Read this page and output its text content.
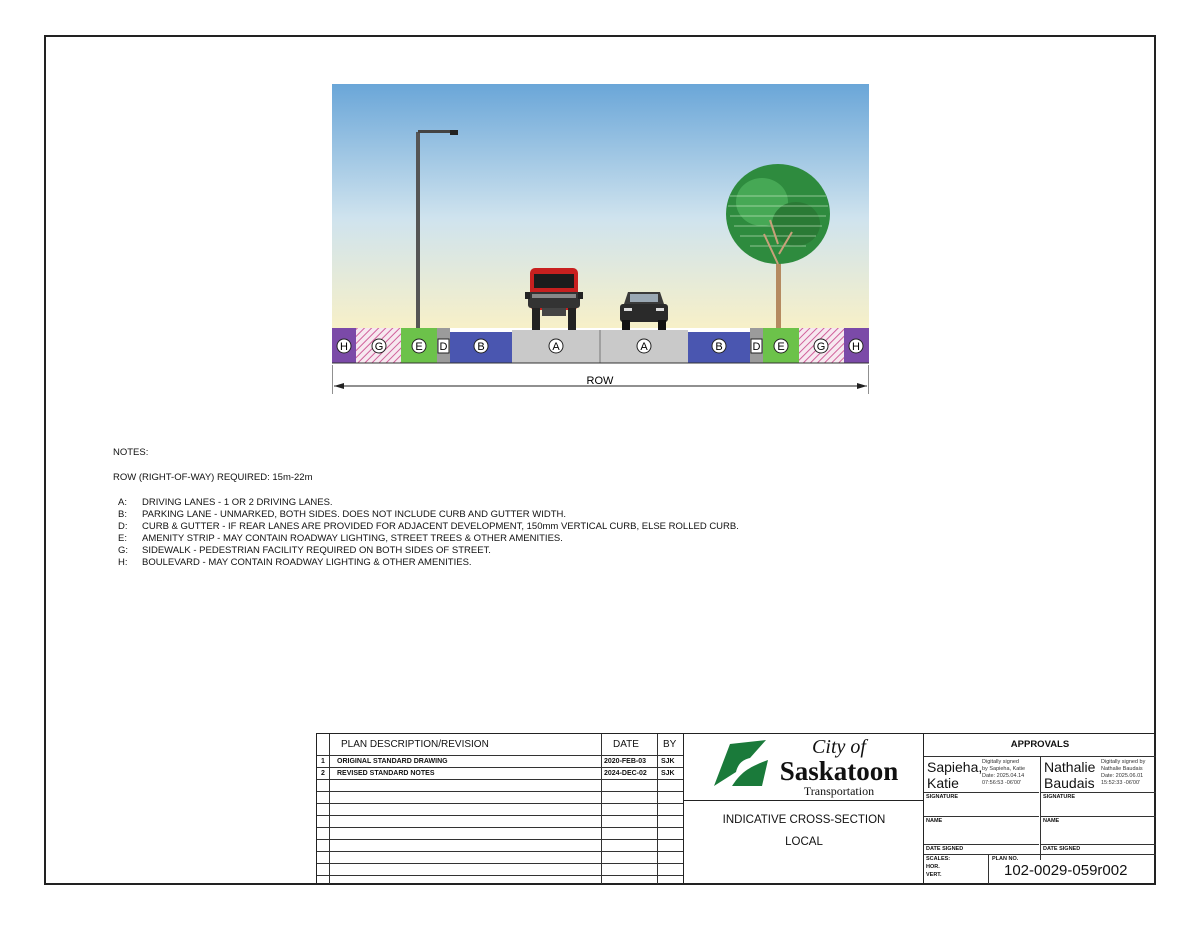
H G	E D	B	A	A	B	D E	G H
ROW
NOTES:
ROW (RIGHT-OF-WAY) REQUIRED: 15m-22m
A: DRIVING LANES - 1 OR 2 DRIVING LANES.
B: PARKING LANE - UNMARKED, BOTH SIDES. DOES NOT INCLUDE CURB AND GUTTER WIDTH.
D: CURB & GUTTER - IF REAR LANES ARE PROVIDED FOR ADJACENT DEVELOPMENT, 150mm VERTICAL CURB, ELSE ROLLED CURB.
E: AMENITY STRIP - MAY CONTAIN ROADWAY LIGHTING, STREET TREES & OTHER AMENITIES.
G: SIDEWALK - PEDESTRIAN FACILITY REQUIRED ON BOTH SIDES OF STREET.
H: BOULEVARD - MAY CONTAIN ROADWAY LIGHTING & OTHER AMENITIES.
PLAN DESCRIPTION/REVISION	DATE BY
1 ORIGINAL STANDARD DRAWING	2020-FEB-03 SJK
2 REVISED STANDARD NOTES	2024-DEC-02 SJK
City of
Saskatoon
Transportation
INDICATIVE CROSS-SECTION
LOCAL
APPROVALS
Sapieha,
Katie
Digitally signed
by Sapieha, Katie
Date: 2025.04.14
07:56:53 -06'00'
SIGNATURE
NAME
DATE SIGNED
Nathalie
Baudais
Digitally signed by
Nathalie Baudais
Date: 2025.06.01
15:52:33 -06'00'
SIGNATURE
NAME
DATE SIGNED
SCALES:
HOR.
VERT.
PLAN NO.
102-0029-059r002
